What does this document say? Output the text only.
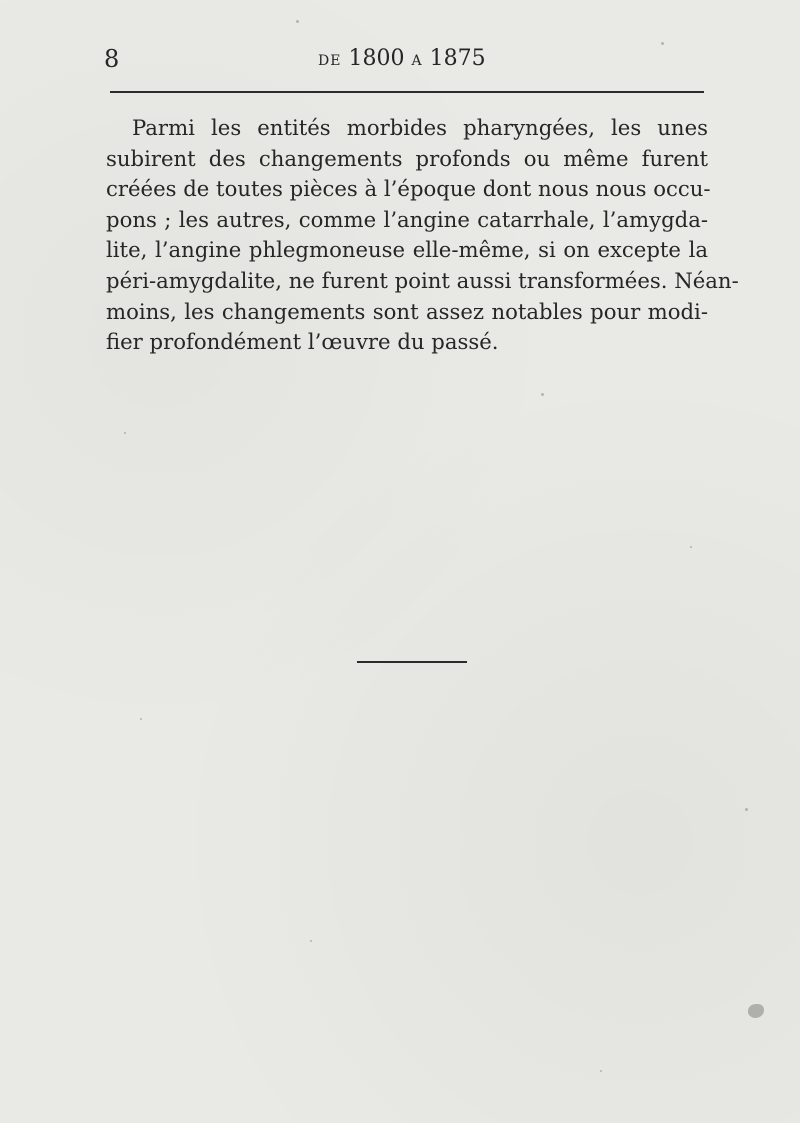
8	DE 1800 A 1875
Parmi les entités morbides pharyngées, les unes
subirent des changements profonds ou même furent
créées de toutes pièces à l’époque dont nous nous occu-
pons ; les autres, comme l’angine catarrhale, l’amygda-
lite, l’angine phlegmoneuse elle-même, si on excepte la
péri-amygdalite, ne furent point aussi transformées. Néan-
moins, les changements sont assez notables pour modi-
fier profondément l’œuvre du passé.
